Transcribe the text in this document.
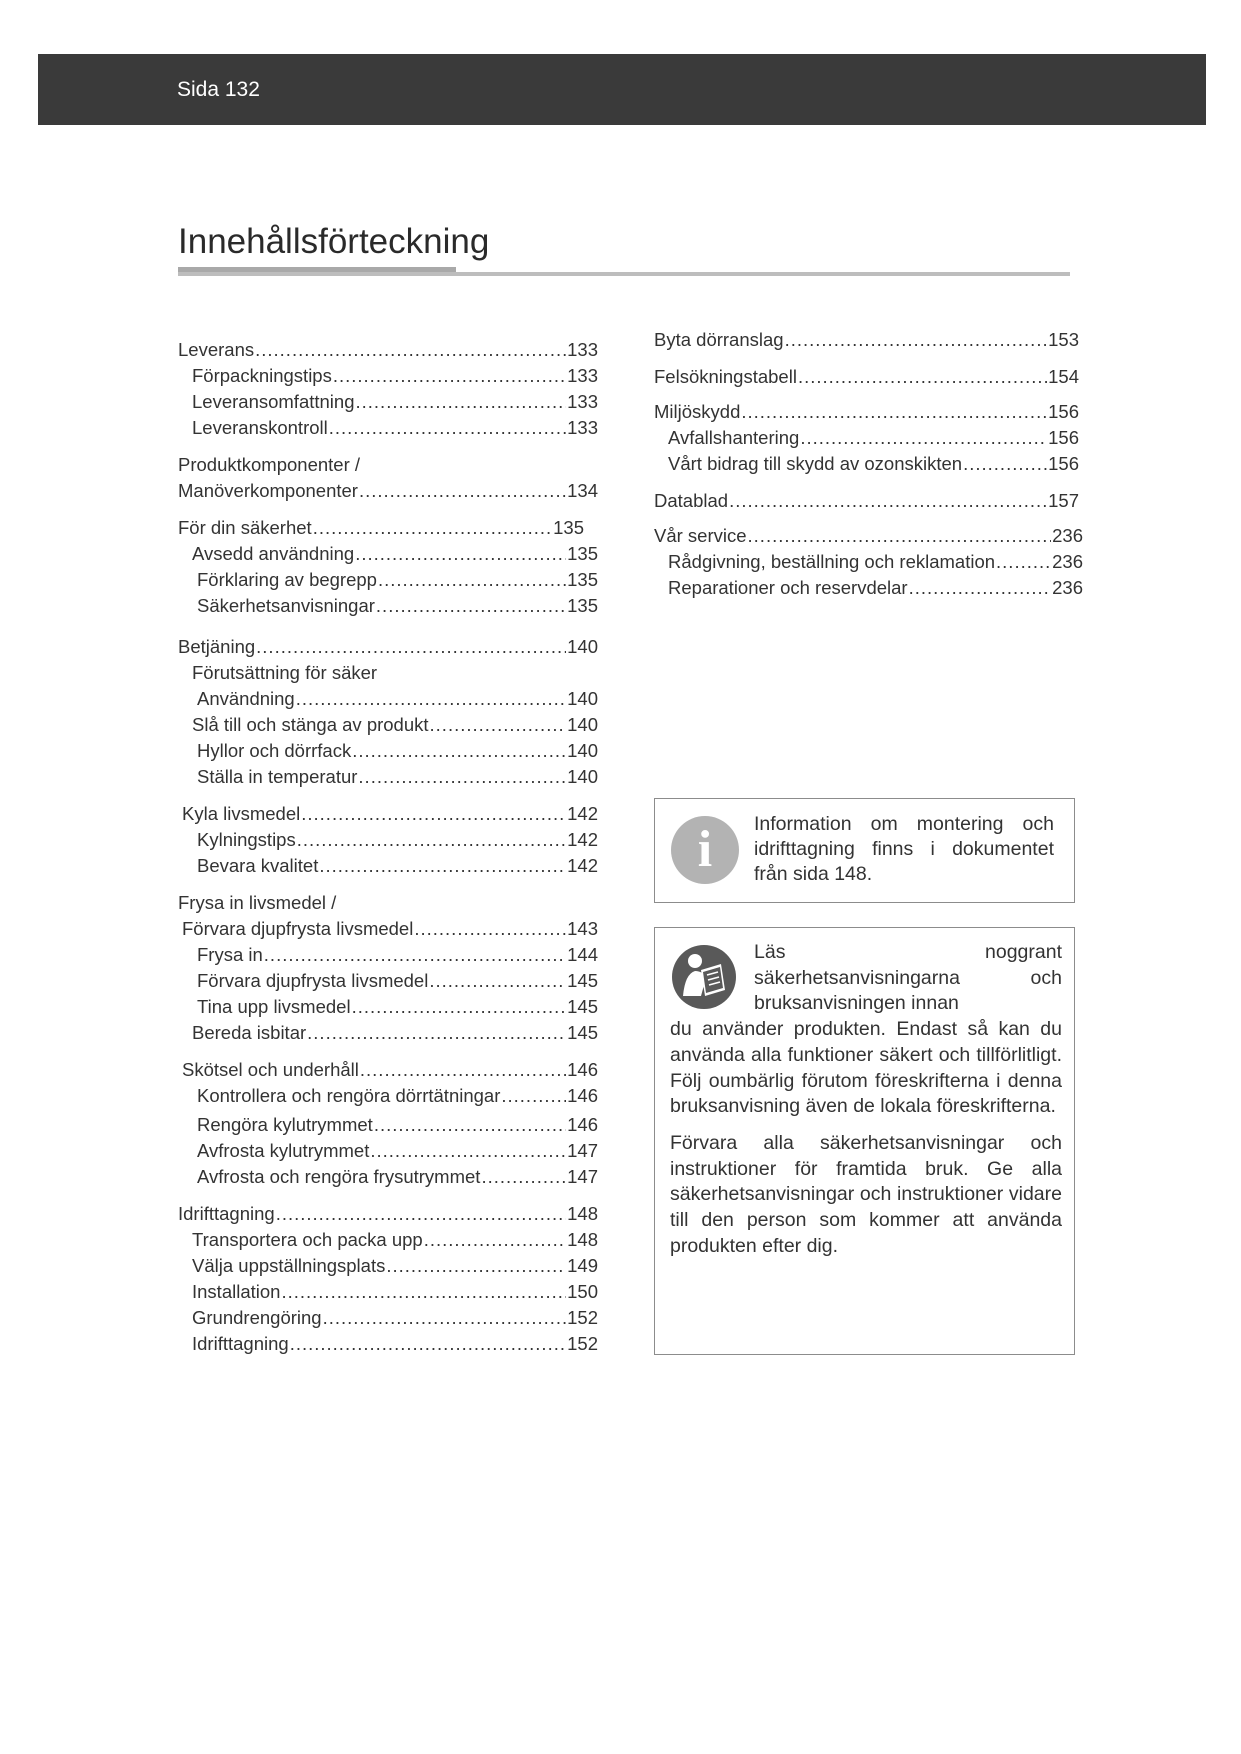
Sida 132
Innehållsförteckning
Leverans .....	133
Förpackningstips .....	133
Leveransomfattning .....	133
Leveranskontroll .....	133
Produktkomponenter /
Manöverkomponenter .....	134
För din säkerhet .....	135
Avsedd användning .....	135
Förklaring av begrepp .....	135
Säkerhetsanvisningar .....	135
Betjäning .....	140
Förutsättning för säker
Användning .....	140
Slå till och stänga av produkt .....	140
Hyllor och dörrfack .....	140
Ställa in temperatur .....	140
Kyla livsmedel .....	142
Kylningstips .....	142
Bevara kvalitet .....	142
Frysa in livsmedel /
Förvara djupfrysta livsmedel .....	143
Frysa in .....	144
Förvara djupfrysta livsmedel .....	145
Tina upp livsmedel .....	145
Bereda isbitar .....	145
Skötsel och underhåll .....	146
Kontrollera och rengöra dörrtätningar .....	146
Rengöra kylutrymmet .....	146
Avfrosta kylutrymmet .....	147
Avfrosta och rengöra frysutrymmet .....	147
Idrifttagning .....	148
Transportera och packa upp .....	148
Välja uppställningsplats .....	149
Installation .....	150
Grundrengöring .....	152
Idrifttagning .....	152
Byta dörranslag .....	153
Felsökningstabell .....	154
Miljöskydd .....	156
Avfallshantering .....	156
Vårt bidrag till skydd av ozonskikten .....	156
Datablad .....	157
Vår service .....	236
Rådgivning, beställning och reklamation .....	236
Reparationer och reservdelar .....	236
i	Information om montering och idrifttagning finns i dokumentet från sida 148.

Läs	noggrant

säkerhetsanvisningarna och

bruksanvisningen innan

du använder produkten. Endast så kan du använda alla funktioner säkert och tillförlitligt. Följ oumbärlig förutom föreskrifterna i denna bruksanvisning även de lokala föreskrifterna.

Förvara alla säkerhetsanvisningar och instruktioner för framtida bruk. Ge alla säkerhetsanvisningar och instruktioner vidare till den person som kommer att använda produkten efter dig.
